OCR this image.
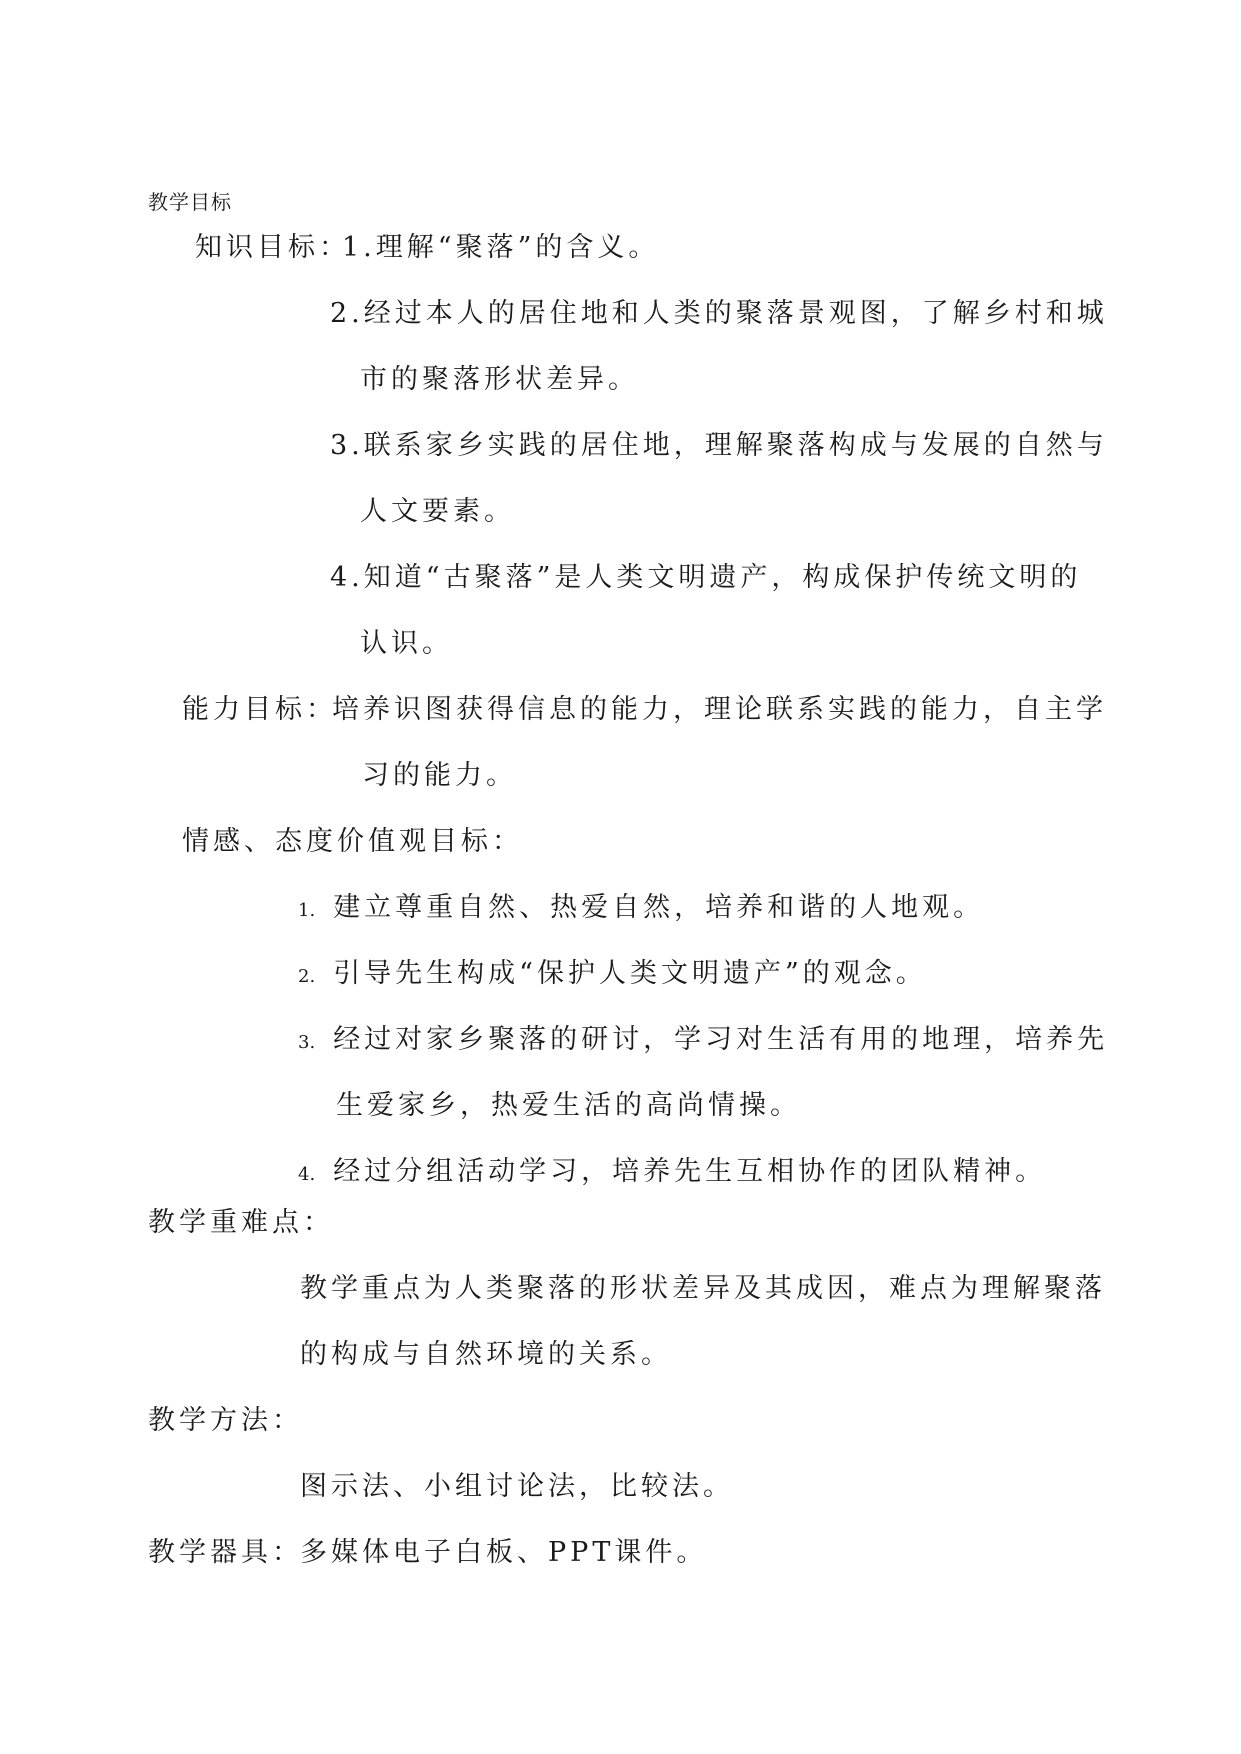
教学目标
知识目标：
1.理解“聚落”的含义。
2.经过本人的居住地和人类的聚落景观图，了解乡村和城
市的聚落形状差异。
3.联系家乡实践的居住地，理解聚落构成与发展的自然与
人文要素。
4.知道“古聚落”是人类文明遗产，构成保护传统文明的
认识。
能力目标：
培养识图获得信息的能力，理论联系实践的能力，自主学
习的能力。
情感、态度价值观目标：
1. 建立尊重自然、热爱自然，培养和谐的人地观。
2. 引导先生构成“保护人类文明遗产”的观念。
3. 经过对家乡聚落的研讨，学习对生活有用的地理，培养先
生爱家乡，热爱生活的高尚情操。
4. 经过分组活动学习，培养先生互相协作的团队精神。
教学重难点：
教学重点为人类聚落的形状差异及其成因，难点为理解聚落
的构成与自然环境的关系。
教学方法：
图示法、小组讨论法，比较法。
教学器具：
多媒体电子白板、PPT课件。
